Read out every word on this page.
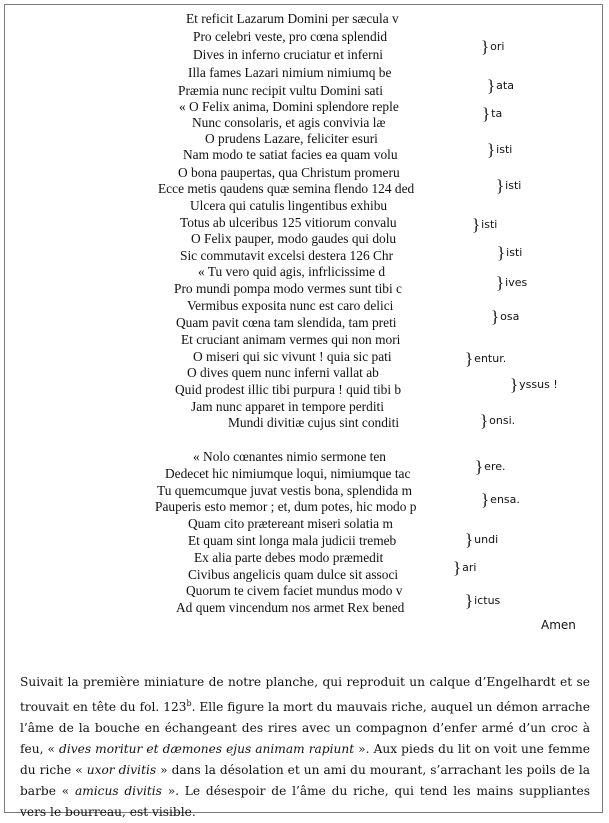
Et reficit Lazarum Domini per sæcula v
Pro celebri veste, pro cœna splendid
Dives in inferno cruciatur et inferni
Illa fames Lazari nimium nimiumq be
Præmia nunc recipit vultu Domini sati
« O Felix anima, Domini splendore reple
Nunc consolaris, et agis convivia læ
O prudens Lazare, feliciter esuri
Nam modo te satiat facies ea quam volu
O bona paupertas, qua Christum promeru
Ecce metis qaudens quæ semina flendo 124 ded
Ulcera qui catulis lingentibus exhibu
Totus ab ulceribus 125 vitiorum convalu
O Felix pauper, modo gaudes qui dolu
Sic commutavit excelsi destera 126 Chr
« Tu vero quid agis, infrlicissime d
Pro mundi pompa modo vermes sunt tibi c
Vermibus exposita nunc est caro delici
Quam pavit cœna tam slendida, tam preti
Et cruciant animam vermes qui non mori
O miseri qui sic vivunt ! quia sic pati
O dives quem nunc inferni vallat ab
Quid prodest illic tibi purpura ! quid tibi b
Jam nunc apparet in tempore perditi
Mundi divitiæ cujus sint conditi
« Nolo cœnantes nimio sermone ten
Dedecet hic nimiumque loqui, nimiumque tac
Tu quemcumque juvat vestis bona, splendida m
Pauperis esto memor ; et, dum potes, hic modo p
Quam cito prætereant miseri solatia m
Et quam sint longa mala judicii tremeb
Ex alia parte debes modo præmedit
Civibus angelicis quam dulce sit associ
Quorum te civem faciet mundus modo v
Ad quem vincendum nos armet Rex bened
}ori
}ata
}ta
}isti
}isti
}isti
}isti
}ives
}osa
}entur.
}yssus !
}onsi.
}ere.
}ensa.
}undi
}ari
}ictus
Amen

Suivait la première miniature de notre planche, qui reproduit un calque d’Engelhardt et se trouvait en tête du fol. 123$^b$. Elle figure la mort du mauvais riche, auquel un démon arrache l’âme de la bouche en échangeant des rires avec un compagnon d’enfer armé d’un croc à feu, « dives moritur et dæmones ejus animam rapiunt ». Aux pieds du lit on voit une femme du riche « uxor divitis » dans la désolation et un ami du mourant, s’arrachant les poils de la barbe « amicus divitis ». Le désespoir de l’âme du riche, qui tend les mains suppliantes vers le bourreau, est visible.
